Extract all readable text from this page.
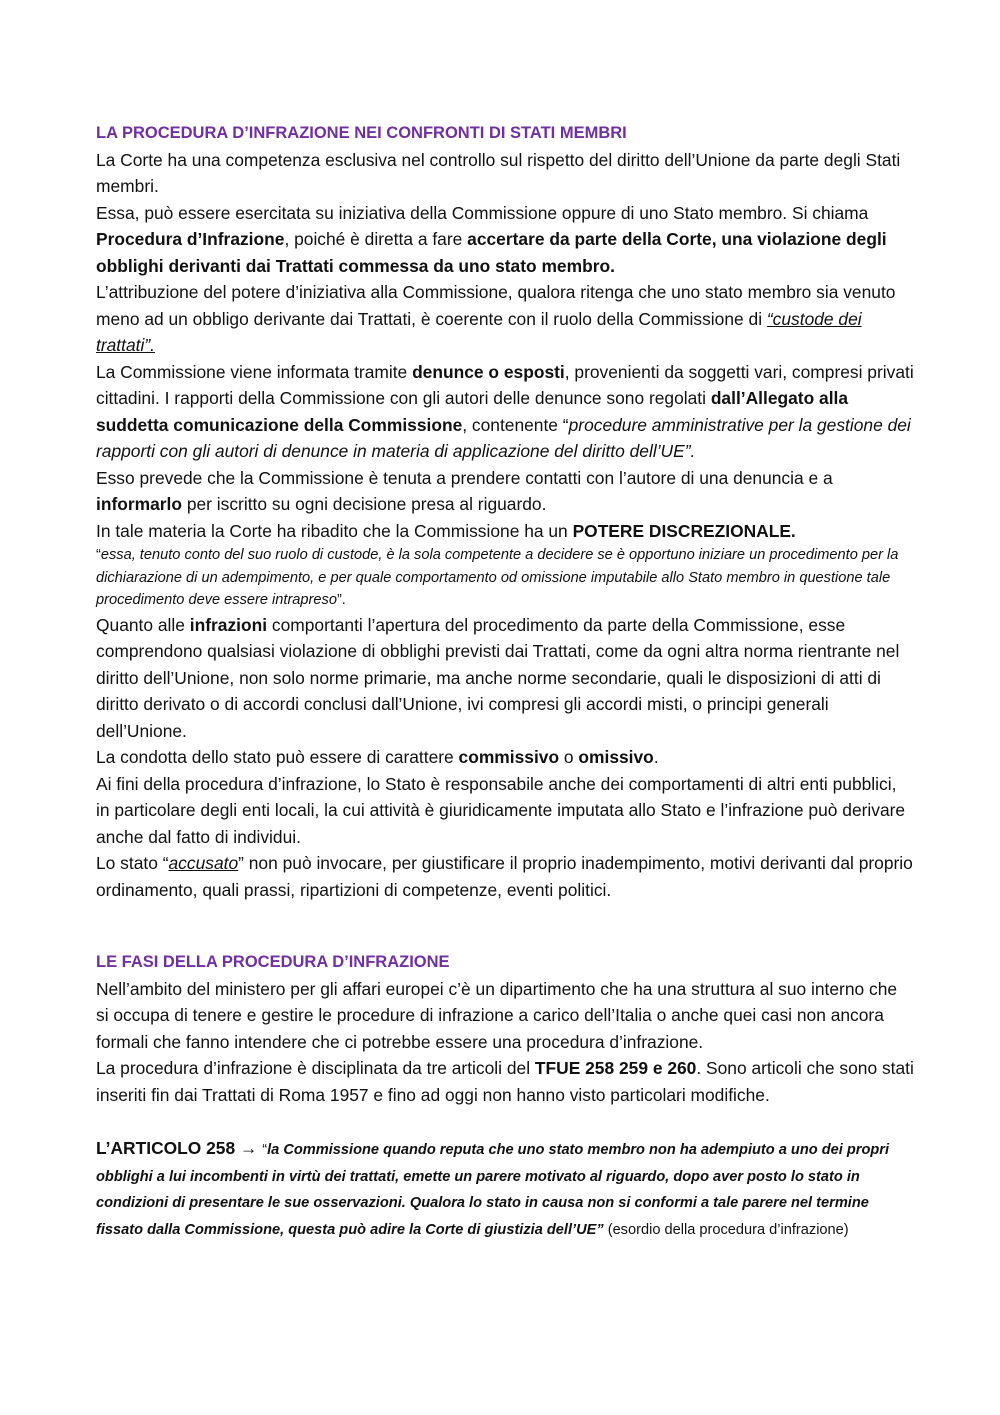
LA PROCEDURA D’INFRAZIONE NEI CONFRONTI DI STATI MEMBRI

La Corte ha una competenza esclusiva nel controllo sul rispetto del diritto dell’Unione da parte degli Stati membri.

Essa, può essere esercitata su iniziativa della Commissione oppure di uno Stato membro. Si chiama Procedura d’Infrazione, poiché è diretta a fare accertare da parte della Corte, una violazione degli obblighi derivanti dai Trattati commessa da uno stato membro.

L’attribuzione del potere d’iniziativa alla Commissione, qualora ritenga che uno stato membro sia venuto meno ad un obbligo derivante dai Trattati, è coerente con il ruolo della Commissione di “custode dei trattati”.

La Commissione viene informata tramite denunce o esposti, provenienti da soggetti vari, compresi privati cittadini. I rapporti della Commissione con gli autori delle denunce sono regolati dall’Allegato alla suddetta comunicazione della Commissione, contenente “procedure amministrative per la gestione dei rapporti con gli autori di denunce in materia di applicazione del diritto dell’UE”.

Esso prevede che la Commissione è tenuta a prendere contatti con l’autore di una denuncia e a informarlo per iscritto su ogni decisione presa al riguardo.

In tale materia la Corte ha ribadito che la Commissione ha un POTERE DISCREZIONALE.

“essa, tenuto conto del suo ruolo di custode, è la sola competente a decidere se è opportuno iniziare un procedimento per la dichiarazione di un adempimento, e per quale comportamento od omissione imputabile allo Stato membro in questione tale procedimento deve essere intrapreso”.

Quanto alle infrazioni comportanti l’apertura del procedimento da parte della Commissione, esse comprendono qualsiasi violazione di obblighi previsti dai Trattati, come da ogni altra norma rientrante nel diritto dell’Unione, non solo norme primarie, ma anche norme secondarie, quali le disposizioni di atti di diritto derivato o di accordi conclusi dall’Unione, ivi compresi gli accordi misti, o principi generali dell’Unione.

La condotta dello stato può essere di carattere commissivo o omissivo.

Ai fini della procedura d’infrazione, lo Stato è responsabile anche dei comportamenti di altri enti pubblici, in particolare degli enti locali, la cui attività è giuridicamente imputata allo Stato e l’infrazione può derivare anche dal fatto di individui.

Lo stato “accusato” non può invocare, per giustificare il proprio inadempimento, motivi derivanti dal proprio ordinamento, quali prassi, ripartizioni di competenze, eventi politici.

LE FASI DELLA PROCEDURA D’INFRAZIONE

Nell’ambito del ministero per gli affari europei c’è un dipartimento che ha una struttura al suo interno che si occupa di tenere e gestire le procedure di infrazione a carico dell’Italia o anche quei casi non ancora formali che fanno intendere che ci potrebbe essere una procedura d’infrazione.

La procedura d’infrazione è disciplinata da tre articoli del TFUE 258 259 e 260. Sono articoli che sono stati inseriti fin dai Trattati di Roma 1957 e fino ad oggi non hanno visto particolari modifiche.

L’ARTICOLO 258 → “la Commissione quando reputa che uno stato membro non ha adempiuto a uno dei propri obblighi a lui incombenti in virtù dei trattati, emette un parere motivato al riguardo, dopo aver posto lo stato in condizioni di presentare le sue osservazioni. Qualora lo stato in causa non si conformi a tale parere nel termine fissato dalla Commissione, questa può adire la Corte di giustizia dell’UE” (esordio della procedura d’infrazione)
